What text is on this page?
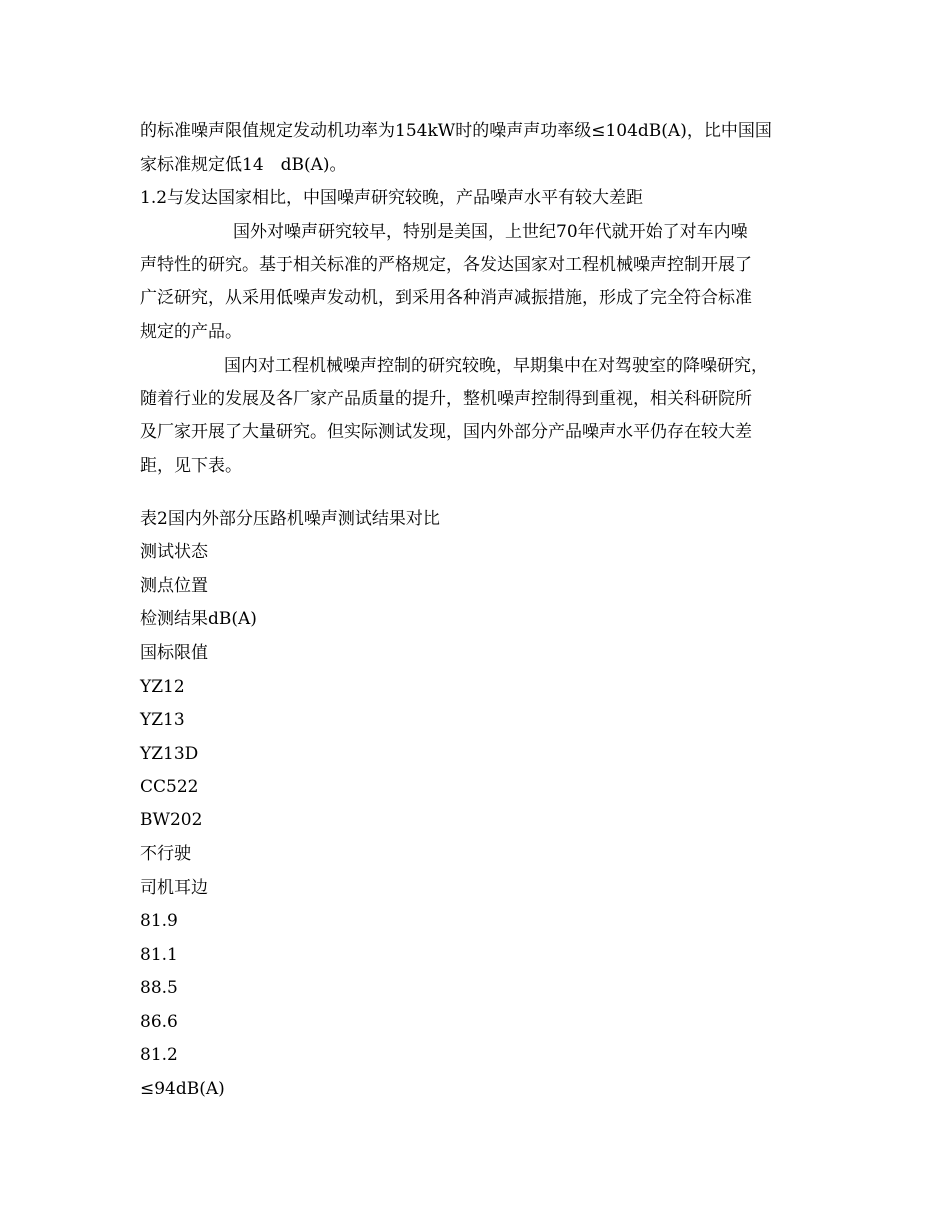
的标准噪声限值规定发动机功率为154kW时的噪声声功率级≤104dB(A)，比中国国
家标准规定低14　dB(A)。
1.2与发达国家相比，中国噪声研究较晚，产品噪声水平有较大差距
国外对噪声研究较早，特别是美国，上世纪70年代就开始了对车内噪
声特性的研究。基于相关标准的严格规定，各发达国家对工程机械噪声控制开展了
广泛研究，从采用低噪声发动机，到采用各种消声减振措施，形成了完全符合标准
规定的产品。
国内对工程机械噪声控制的研究较晚，早期集中在对驾驶室的降噪研究，
随着行业的发展及各厂家产品质量的提升，整机噪声控制得到重视，相关科研院所
及厂家开展了大量研究。但实际测试发现，国内外部分产品噪声水平仍存在较大差
距，见下表。
表2国内外部分压路机噪声测试结果对比
测试状态
测点位置
检测结果dB(A)
国标限值
YZ12
YZ13
YZ13D
CC522
BW202
不行驶
司机耳边
81.9
81.1
88.5
86.6
81.2
≤94dB(A)
